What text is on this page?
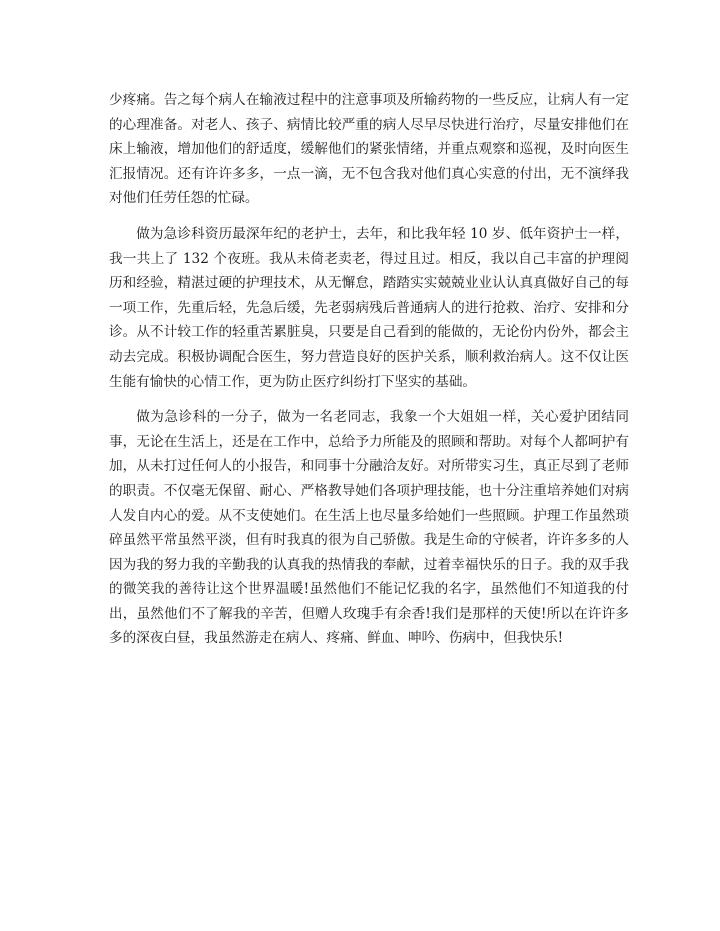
少疼痛。告之每个病人在输液过程中的注意事项及所输药物的一些反应，让病人有一定的心理准备。对老人、孩子、病情比较严重的病人尽早尽快进行治疗，尽量安排他们在床上输液，增加他们的舒适度，缓解他们的紧张情绪，并重点观察和巡视，及时向医生汇报情况。还有许许多多，一点一滴，无不包含我对他们真心实意的付出，无不演绎我对他们任劳任怨的忙碌。

做为急诊科资历最深年纪的老护士，去年，和比我年轻 10 岁、低年资护士一样，我一共上了 132 个夜班。我从未倚老卖老，得过且过。相反，我以自己丰富的护理阅历和经验，精湛过硬的护理技术，从无懈怠，踏踏实实兢兢业业认认真真做好自己的每一项工作，先重后轻，先急后缓，先老弱病残后普通病人的进行抢救、治疗、安排和分诊。从不计较工作的轻重苦累脏臭，只要是自己看到的能做的，无论份内份外，都会主动去完成。积极协调配合医生，努力营造良好的医护关系，顺利救治病人。这不仅让医生能有愉快的心情工作，更为防止医疗纠纷打下坚实的基础。

做为急诊科的一分子，做为一名老同志，我象一个大姐姐一样，关心爱护团结同事，无论在生活上，还是在工作中，总给予力所能及的照顾和帮助。对每个人都呵护有加，从未打过任何人的小报告，和同事十分融洽友好。对所带实习生，真正尽到了老师的职责。不仅毫无保留、耐心、严格教导她们各项护理技能，也十分注重培养她们对病人发自内心的爱。从不支使她们。在生活上也尽量多给她们一些照顾。护理工作虽然琐碎虽然平常虽然平淡，但有时我真的很为自己骄傲。我是生命的守候者，许许多多的人因为我的努力我的辛勤我的认真我的热情我的奉献，过着幸福快乐的日子。我的双手我的微笑我的善待让这个世界温暖!虽然他们不能记忆我的名字，虽然他们不知道我的付出，虽然他们不了解我的辛苦，但赠人玫瑰手有余香!我们是那样的天使!所以在许许多多的深夜白昼，我虽然游走在病人、疼痛、鲜血、呻吟、伤病中，但我快乐!
